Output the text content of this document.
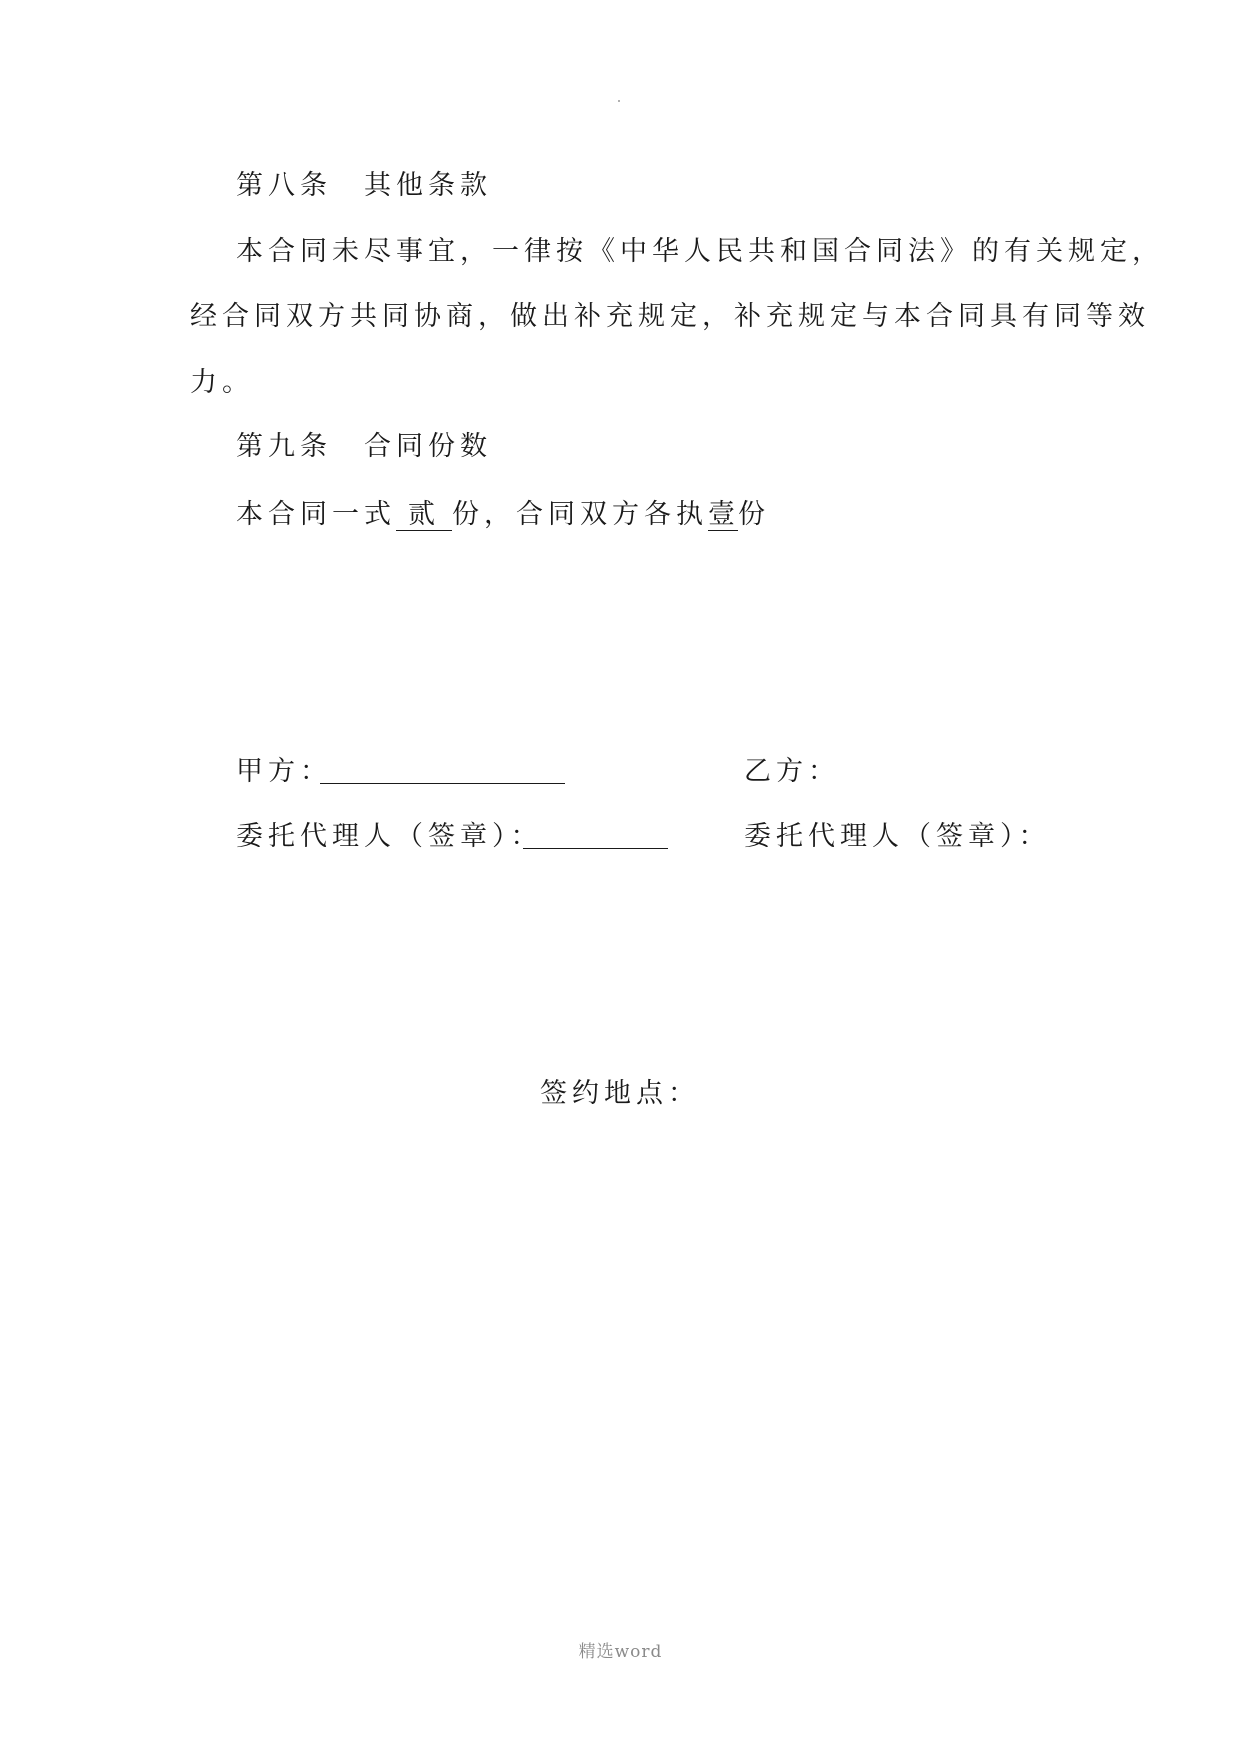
第八条　其他条款
本合同未尽事宜，一律按《中华人民共和国合同法》的有关规定，
经合同双方共同协商，做出补充规定，补充规定与本合同具有同等效
力。
第九条　合同份数
本合同一式 贰 份，合同双方各执壹份
甲方：	乙方：
委托代理人（签章）：	委托代理人（签章）：
签约地点：
精选word
